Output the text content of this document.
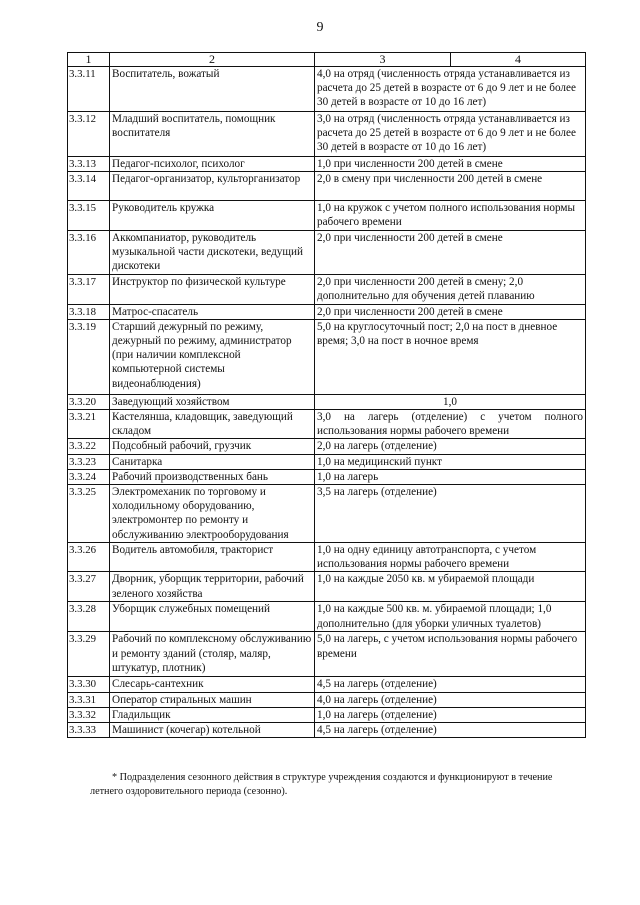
9
1	2	3	4
3.3.11	Воспитатель, вожатый	4,0 на отряд (численность отряда устанавливается из расчета до 25 детей в возрасте от 6 до 9 лет и не более 30 детей в возрасте от 10 до 16 лет)	
3.3.12	Младший воспитатель, помощник воспитателя	3,0 на отряд (численность отряда устанавливается из расчета до 25 детей в возрасте от 6 до 9 лет и не более 30 детей в возрасте от 10 до 16 лет)	
3.3.13	Педагог-психолог, психолог	1,0 при численности 200 детей в смене	
3.3.14	Педагог-организатор, культорганизатор	2,0 в смену при численности 200 детей в смене	
3.3.15	Руководитель кружка	1,0 на кружок с учетом полного использования нормы рабочего времени	
3.3.16	Аккомпаниатор, руководитель музыкальной части дискотеки, ведущий дискотеки	2,0 при численности 200 детей в смене	
3.3.17	Инструктор по физической культуре	2,0 при численности 200 детей в смену; 2,0 дополнительно для обучения детей плаванию	
3.3.18	Матрос-спасатель	2,0 при численности 200 детей в смене	
3.3.19	Старший дежурный по режиму, дежурный по режиму, администратор (при наличии комплексной компьютерной системы видеонаблюдения)	5,0 на круглосуточный пост; 2,0 на пост в дневное время; 3,0 на пост в ночное время	
3.3.20	Заведующий хозяйством	1,0	
3.3.21	Кастелянша, кладовщик, заведующий складом	3,0 на лагерь (отделение) с учетом полного использования нормы рабочего времени	
3.3.22	Подсобный рабочий, грузчик	2,0 на лагерь (отделение)	
3.3.23	Санитарка	1,0 на медицинский пункт	
3.3.24	Рабочий производственных бань	1,0 на лагерь	
3.3.25	Электромеханик по торговому и холодильному оборудованию, электромонтер по ремонту и обслуживанию электрооборудования	3,5 на лагерь (отделение)	
3.3.26	Водитель автомобиля, тракторист	1,0 на одну единицу автотранспорта, с учетом использования нормы рабочего времени	
3.3.27	Дворник, уборщик территории, рабочий зеленого хозяйства	1,0 на каждые 2050 кв. м убираемой площади	
3.3.28	Уборщик служебных помещений	1,0 на каждые 500 кв. м. убираемой площади; 1,0 дополнительно (для уборки уличных туалетов)	
3.3.29	Рабочий по комплексному обслуживанию и ремонту зданий (столяр, маляр, штукатур, плотник)	5,0 на лагерь, с учетом использования нормы рабочего времени	
3.3.30	Слесарь-сантехник	4,5 на лагерь (отделение)	
3.3.31	Оператор стиральных машин	4,0 на лагерь (отделение)	
3.3.32	Гладильщик	1,0 на лагерь (отделение)	
3.3.33	Машинист (кочегар) котельной	4,5 на лагерь (отделение)	
* Подразделения сезонного действия в структуре учреждения создаются и функционируют в течение летнего оздоровительного периода (сезонно).
